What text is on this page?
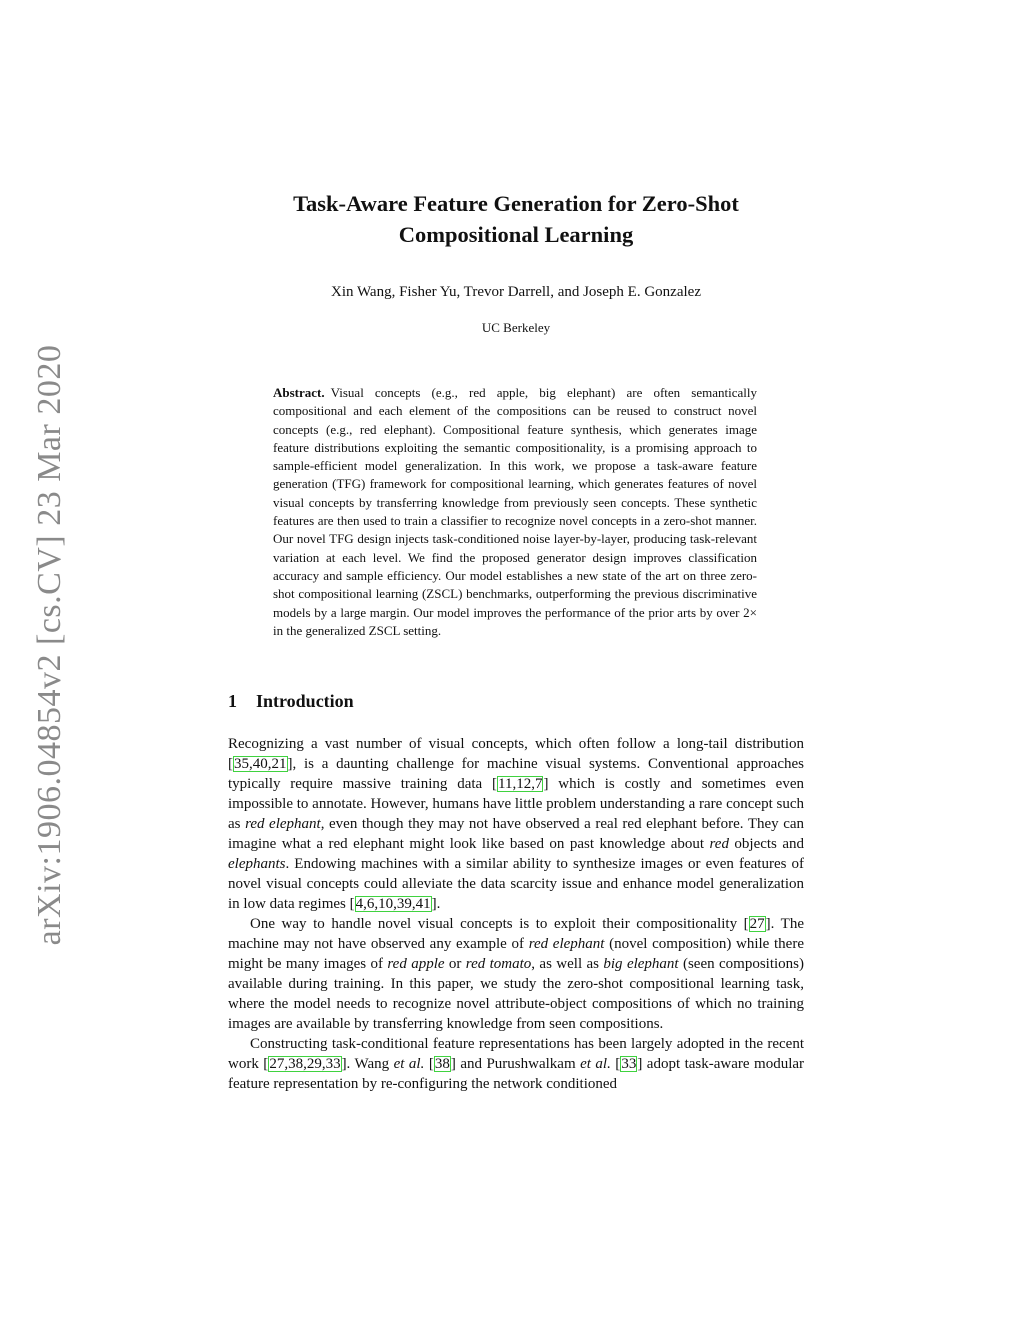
arXiv:1906.04854v2 [cs.CV] 23 Mar 2020
Task-Aware Feature Generation for Zero-Shot
Compositional Learning

Xin Wang, Fisher Yu, Trevor Darrell, and Joseph E. Gonzalez

UC Berkeley

Abstract. Visual concepts (e.g., red apple, big elephant) are often semantically compositional and each element of the compositions can be reused to construct novel concepts (e.g., red elephant). Compositional feature synthesis, which generates image feature distributions exploiting the semantic compositionality, is a promising approach to sample-efficient model generalization. In this work, we propose a task-aware feature generation (TFG) framework for compositional learning, which generates features of novel visual concepts by transferring knowledge from previously seen concepts. These synthetic features are then used to train a classifier to recognize novel concepts in a zero-shot manner. Our novel TFG design injects task-conditioned noise layer-by-layer, producing task-relevant variation at each level. We find the proposed generator design improves classification accuracy and sample efficiency. Our model establishes a new state of the art on three zero-shot compositional learning (ZSCL) benchmarks, outperforming the previous discriminative models by a large margin. Our model improves the performance of the prior arts by over 2× in the generalized ZSCL setting.

1 Introduction

Recognizing a vast number of visual concepts, which often follow a long-tail distribution [35,40,21], is a daunting challenge for machine visual systems. Conventional approaches typically require massive training data [11,12,7] which is costly and sometimes even impossible to annotate. However, humans have little problem understanding a rare concept such as red elephant, even though they may not have observed a real red elephant before. They can imagine what a red elephant might look like based on past knowledge about red objects and elephants. Endowing machines with a similar ability to synthesize images or even features of novel visual concepts could alleviate the data scarcity issue and enhance model generalization in low data regimes [4,6,10,39,41].

One way to handle novel visual concepts is to exploit their compositionality [27]. The machine may not have observed any example of red elephant (novel composition) while there might be many images of red apple or red tomato, as well as big elephant (seen compositions) available during training. In this paper, we study the zero-shot compositional learning task, where the model needs to recognize novel attribute-object compositions of which no training images are available by transferring knowledge from seen compositions.

Constructing task-conditional feature representations has been largely adopted in the recent work [27,38,29,33]. Wang et al. [38] and Purushwalkam et al. [33] adopt task-aware modular feature representation by re-configuring the network conditioned
